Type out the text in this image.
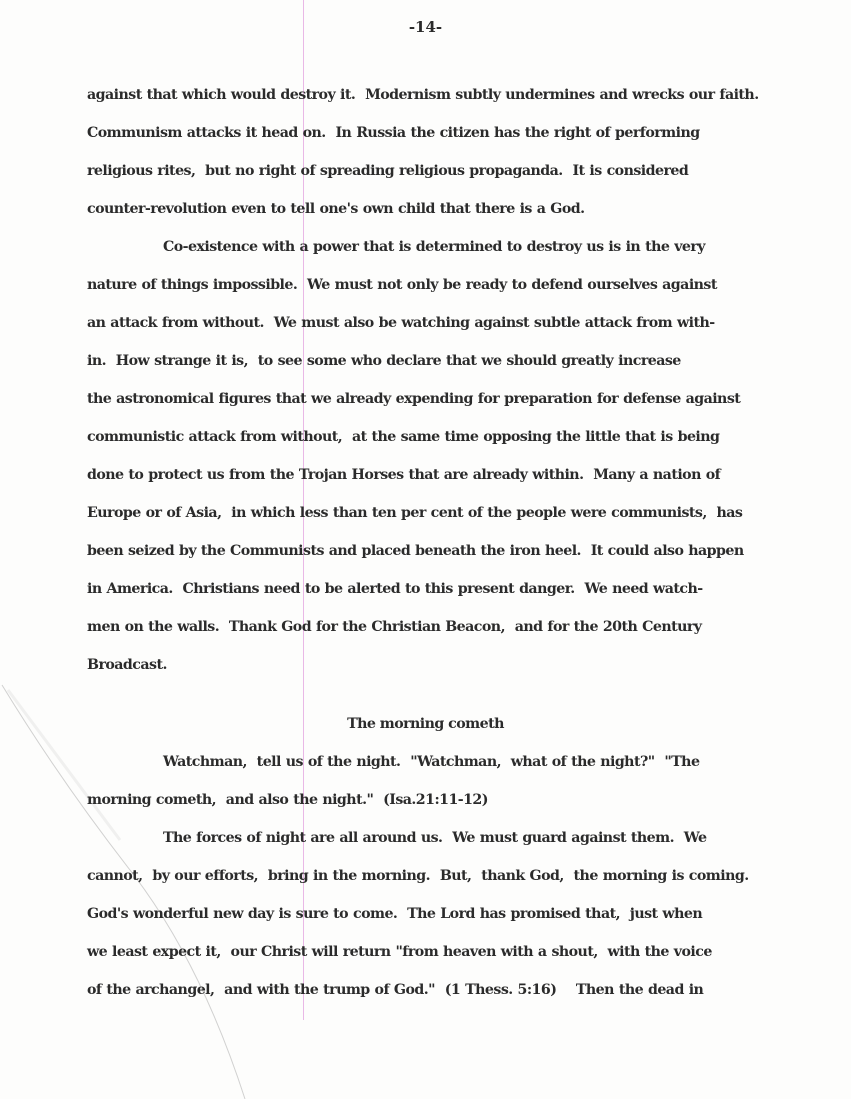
-14-
against that which would destroy it.  Modernism subtly undermines and wrecks our faith.
Communism attacks it head on.  In Russia the citizen has the right of performing
religious rites,  but no right of spreading religious propaganda.  It is considered
counter-revolution even to tell one's own child that there is a God.
Co-existence with a power that is determined to destroy us is in the very
nature of things impossible.  We must not only be ready to defend ourselves against
an attack from without.  We must also be watching against subtle attack from with-
in.  How strange it is,  to see some who declare that we should greatly increase
the astronomical figures that we already expending for preparation for defense against
communistic attack from without,  at the same time opposing the little that is being
done to protect us from the Trojan Horses that are already within.  Many a nation of
Europe or of Asia,  in which less than ten per cent of the people were communists,  has
been seized by the Communists and placed beneath the iron heel.  It could also happen
in America.  Christians need to be alerted to this present danger.  We need watch-
men on the walls.  Thank God for the Christian Beacon,  and for the 20th Century
Broadcast.
The morning cometh
Watchman,  tell us of the night.  "Watchman,  what of the night?"  "The
morning cometh,  and also the night."  (Isa.21:11-12)
The forces of night are all around us.  We must guard against them.  We
cannot,  by our efforts,  bring in the morning.  But,  thank God,  the morning is coming.
God's wonderful new day is sure to come.  The Lord has promised that,  just when
we least expect it,  our Christ will return "from heaven with a shout,  with the voice
of the archangel,  and with the trump of God."  (1 Thess. 5:16)    Then the dead in
